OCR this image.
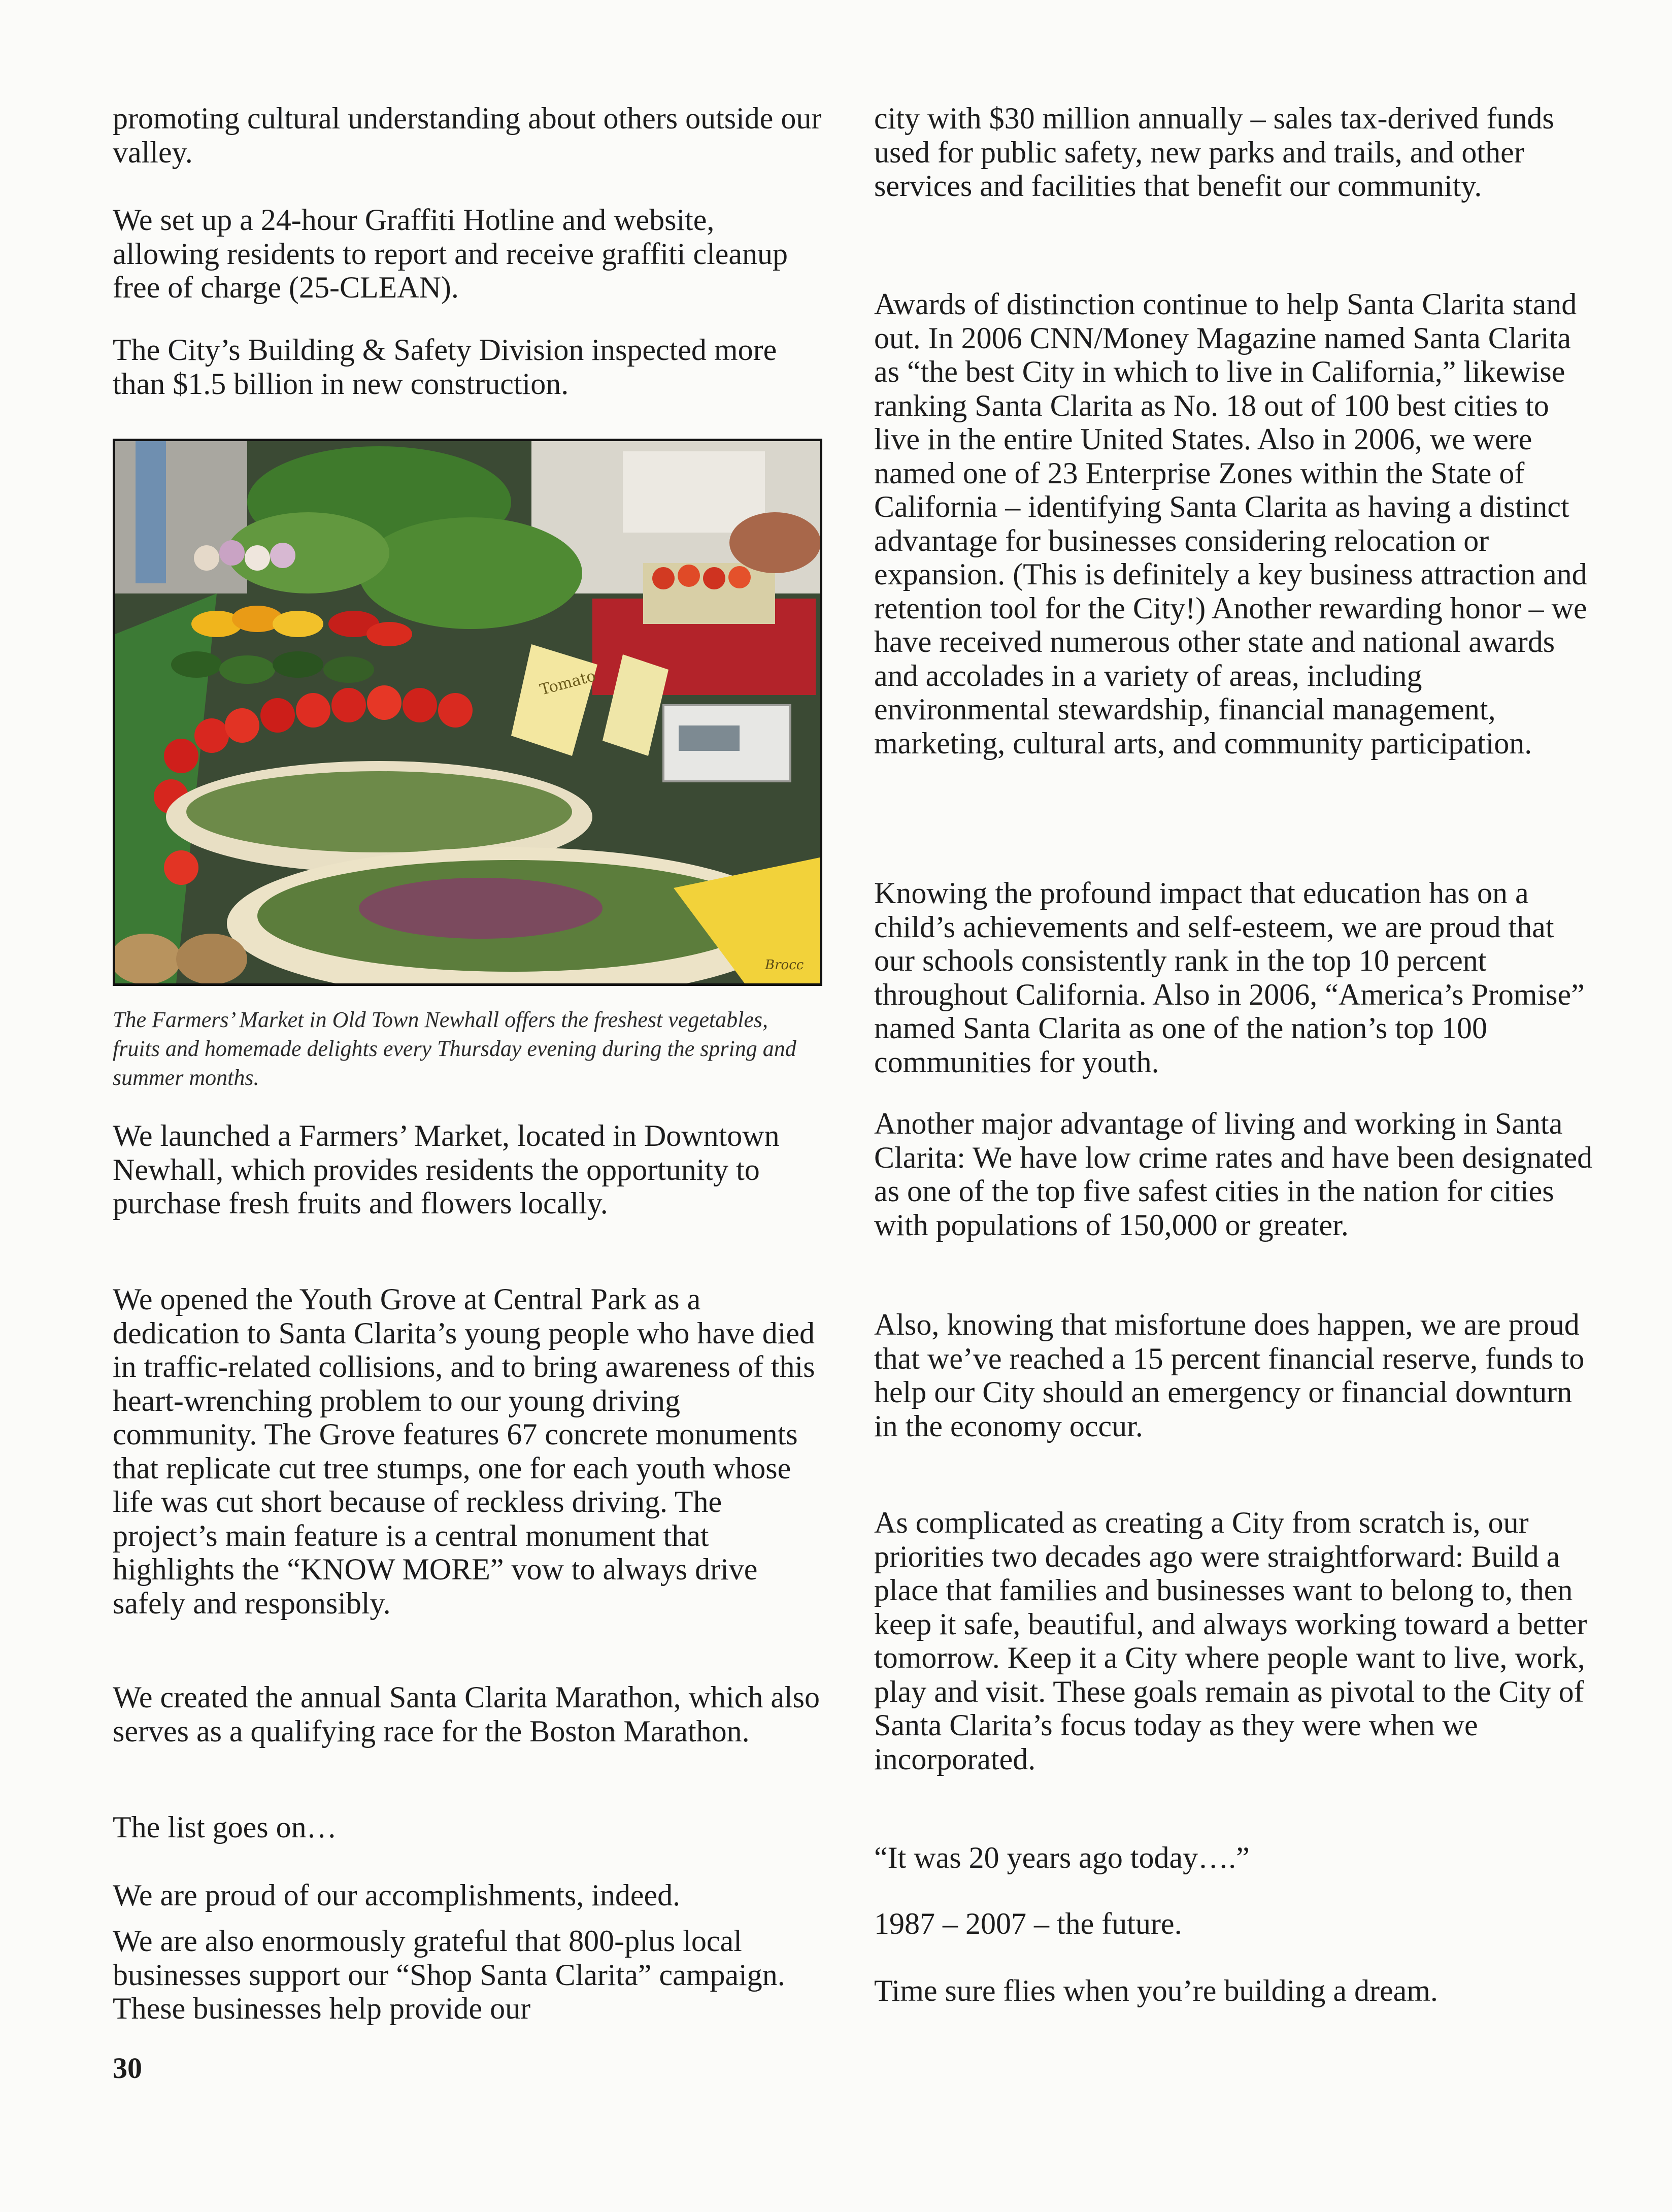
promoting cultural understanding about others outside our valley.

We set up a 24-hour Graffiti Hotline and website, allowing residents to report and receive graffiti cleanup free of charge (25-CLEAN).

The City’s Building & Safety Division inspected more than $1.5 billion in new construction.

Tomato
Brocc

The Farmers’ Market in Old Town Newhall offers the freshest vegetables, fruits and homemade delights every Thursday evening during the spring and summer months.

We launched a Farmers’ Market, located in Downtown Newhall, which provides residents the opportunity to purchase fresh fruits and flowers locally.

We opened the Youth Grove at Central Park as a dedication to Santa Clarita’s young people who have died in traffic-related collisions, and to bring awareness of this heart-wrenching problem to our young driving community. The Grove features 67 concrete monuments that replicate cut tree stumps, one for each youth whose life was cut short because of reckless driving. The project’s main feature is a central monument that highlights the “KNOW MORE” vow to always drive safely and responsibly.

We created the annual Santa Clarita Marathon, which also serves as a qualifying race for the Boston Marathon.

The list goes on…

We are proud of our accomplishments, indeed.

We are also enormously grateful that 800-plus local businesses support our “Shop Santa Clarita” campaign. These businesses help provide our

city with $30 million annually – sales tax-derived funds used for public safety, new parks and trails, and other services and facilities that benefit our community.

Awards of distinction continue to help Santa Clarita stand out. In 2006 CNN/Money Magazine named Santa Clarita as “the best City in which to live in California,” likewise ranking Santa Clarita as No. 18 out of 100 best cities to live in the entire United States. Also in 2006, we were named one of 23 Enterprise Zones within the State of California – identifying Santa Clarita as having a distinct advantage for businesses considering relocation or expansion. (This is definitely a key business attraction and retention tool for the City!) Another rewarding honor – we have received numerous other state and national awards and accolades in a variety of areas, including environmental stewardship, financial management, marketing, cultural arts, and community participation.

Knowing the profound impact that education has on a child’s achievements and self-esteem, we are proud that our schools consistently rank in the top 10 percent throughout California. Also in 2006, “America’s Promise” named Santa Clarita as one of the nation’s top 100 communities for youth.

Another major advantage of living and working in Santa Clarita: We have low crime rates and have been designated as one of the top five safest cities in the nation for cities with populations of 150,000 or greater.

Also, knowing that misfortune does happen, we are proud that we’ve reached a 15 percent financial reserve, funds to help our City should an emergency or financial downturn in the economy occur.

As complicated as creating a City from scratch is, our priorities two decades ago were straightforward: Build a place that families and businesses want to belong to, then keep it safe, beautiful, and always working toward a better tomorrow. Keep it a City where people want to live, work, play and visit. These goals remain as pivotal to the City of Santa Clarita’s focus today as they were when we incorporated.

“It was 20 years ago today….”

1987 – 2007 – the future.

Time sure flies when you’re building a dream.

30
